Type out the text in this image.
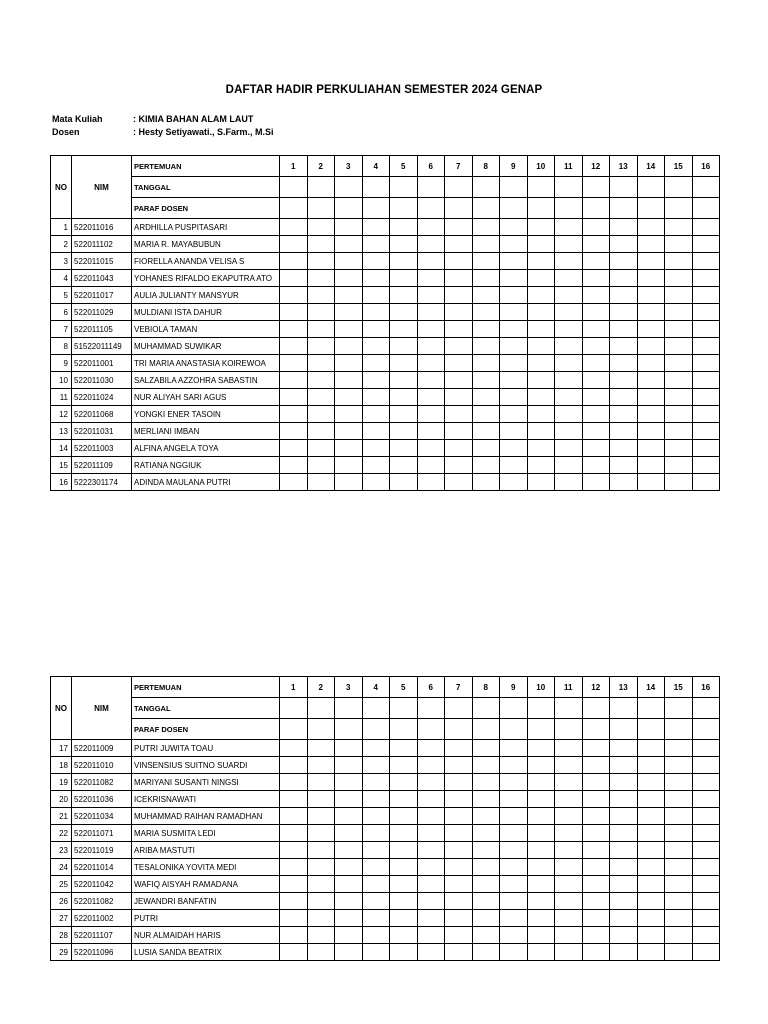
DAFTAR HADIR PERKULIAHAN SEMESTER 2024 GENAP
Mata Kuliah	: KIMIA BAHAN ALAM LAUT
Dosen	: Hesty Setiyawati., S.Farm., M.Si
NO	NIM	PERTEMUAN	1	2	3	4	5	6	7	8	9	10	11	12	13	14	15	16
		TANGGAL																
		PARAF DOSEN																
1	522011016	ARDHILLA PUSPITASARI																
2	522011102	MARIA R. MAYABUBUN																
3	522011015	FIORELLA ANANDA VELISA S																
4	522011043	YOHANES RIFALDO EKAPUTRA ATO																
5	522011017	AULIA JULIANTY MANSYUR																
6	522011029	MULDIANI ISTA DAHUR																
7	522011105	VEBIOLA TAMAN																
8	51522011149	MUHAMMAD SUWIKAR																
9	522011001	TRI MARIA ANASTASIA KOIREWOA																
10	522011030	SALZABILA AZZOHRA SABASTIN																
11	522011024	NUR ALIYAH SARI AGUS																
12	522011068	YONGKI ENER TASOIN																
13	522011031	MERLIANI IMBAN																
14	522011003	ALFINA ANGELA TOYA																
15	522011109	RATIANA NGGIUK																
16	5222301174	ADINDA MAULANA PUTRI																
NO	NIM	PERTEMUAN	1	2	3	4	5	6	7	8	9	10	11	12	13	14	15	16
		TANGGAL																
		PARAF DOSEN																
17	522011009	PUTRI JUWITA TOAU																
18	522011010	VINSENSIUS SUITNO SUARDI																
19	522011082	MARIYANI SUSANTI NINGSI																
20	522011036	ICEKRISNAWATI																
21	522011034	MUHAMMAD RAIHAN RAMADHAN																
22	522011071	MARIA SUSMITA LEDI																
23	522011019	ARIBA MASTUTI																
24	522011014	TESALONIKA YOVITA MEDI																
25	522011042	WAFIQ AISYAH RAMADANA																
26	522011082	JEWANDRI BANFATIN																
27	522011002	PUTRI																
28	522011107	NUR ALMAIDAH HARIS																
29	522011096	LUSIA SANDA BEATRIX																
